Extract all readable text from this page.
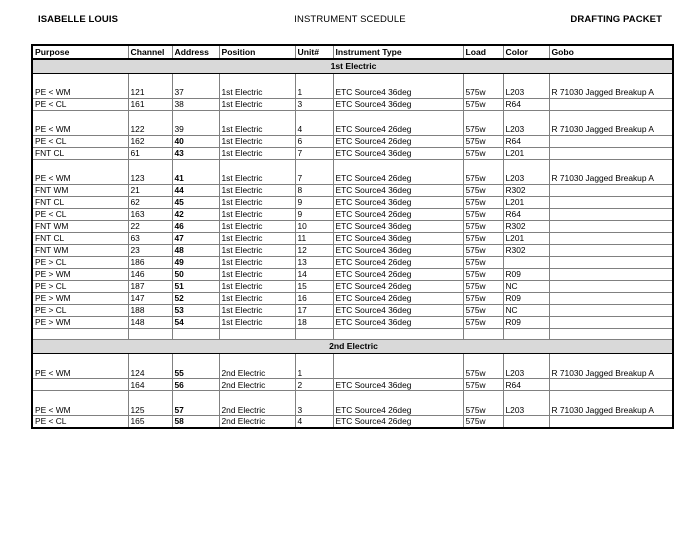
ISABELLE LOUIS	INSTRUMENT SCEDULE	DRAFTING PACKET
Purpose	Channel	Address	Position	Unit#	Instrument Type	Load	Color	Gobo

1st Electric								

PE < WM	121	37	1st Electric	1	ETC Source4 36deg	575w	L203	R 71030 Jagged Breakup A
PE < CL	161	38	1st Electric	3	ETC Source4 36deg	575w	R64	
PE < WM	122	39	1st Electric	4	ETC Source4 26deg	575w	L203	R 71030 Jagged Breakup A
PE < CL	162	40	1st Electric	6	ETC Source4 26deg	575w	R64	
FNT CL	61	43	1st Electric	7	ETC Source4 36deg	575w	L201	
PE < WM	123	41	1st Electric	7	ETC Source4 26deg	575w	L203	R 71030 Jagged Breakup A
FNT WM	21	44	1st Electric	8	ETC Source4 36deg	575w	R302	
FNT CL	62	45	1st Electric	9	ETC Source4 36deg	575w	L201	
PE < CL	163	42	1st Electric	9	ETC Source4 26deg	575w	R64	
FNT WM	22	46	1st Electric	10	ETC Source4 36deg	575w	R302	
FNT CL	63	47	1st Electric	11	ETC Source4 36deg	575w	L201	
FNT WM	23	48	1st Electric	12	ETC Source4 36deg	575w	R302	
PE > CL	186	49	1st Electric	13	ETC Source4 26deg	575w		
PE > WM	146	50	1st Electric	14	ETC Source4 26deg	575w	R09	
PE > CL	187	51	1st Electric	15	ETC Source4 26deg	575w	NC	
PE > WM	147	52	1st Electric	16	ETC Source4 26deg	575w	R09	
PE > CL	188	53	1st Electric	17	ETC Source4 36deg	575w	NC	
PE > WM	148	54	1st Electric	18	ETC Source4 36deg	575w	R09	

2nd Electric								

PE < WM	124	55	2nd Electric	1		575w	L203	R 71030 Jagged Breakup A
	164	56	2nd Electric	2	ETC Source4 36deg	575w	R64	
PE < WM	125	57	2nd Electric	3	ETC Source4 26deg	575w	L203	R 71030 Jagged Breakup A
PE < CL	165	58	2nd Electric	4	ETC Source4 26deg	575w		
